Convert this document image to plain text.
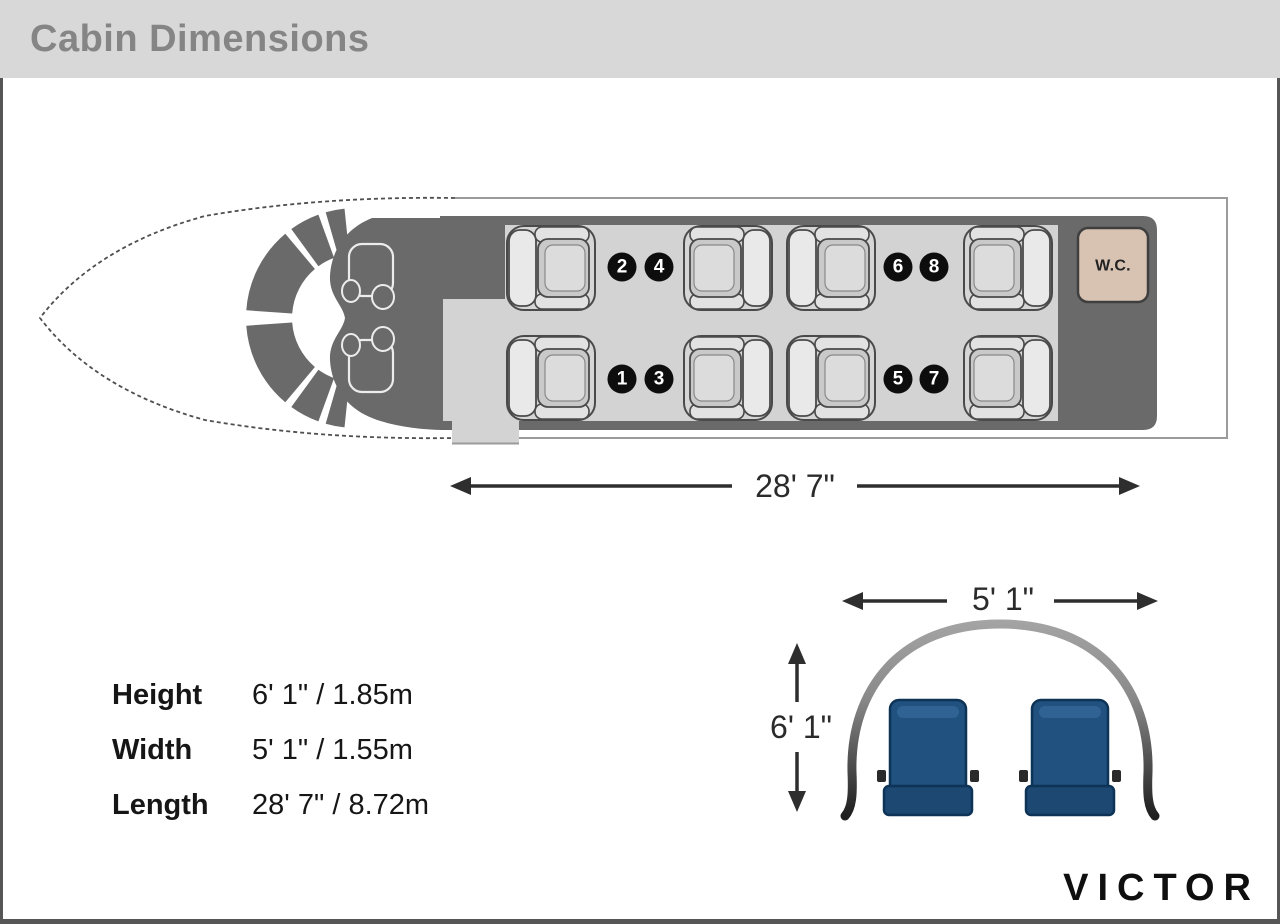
Cabin Dimensions
2 4	6 8
1 3	5 7
W.C.
28' 7"
5' 1"
6' 1"
Height	6' 1" / 1.85m
Width	5' 1" / 1.55m
Length	28' 7" / 8.72m
VICTOR
